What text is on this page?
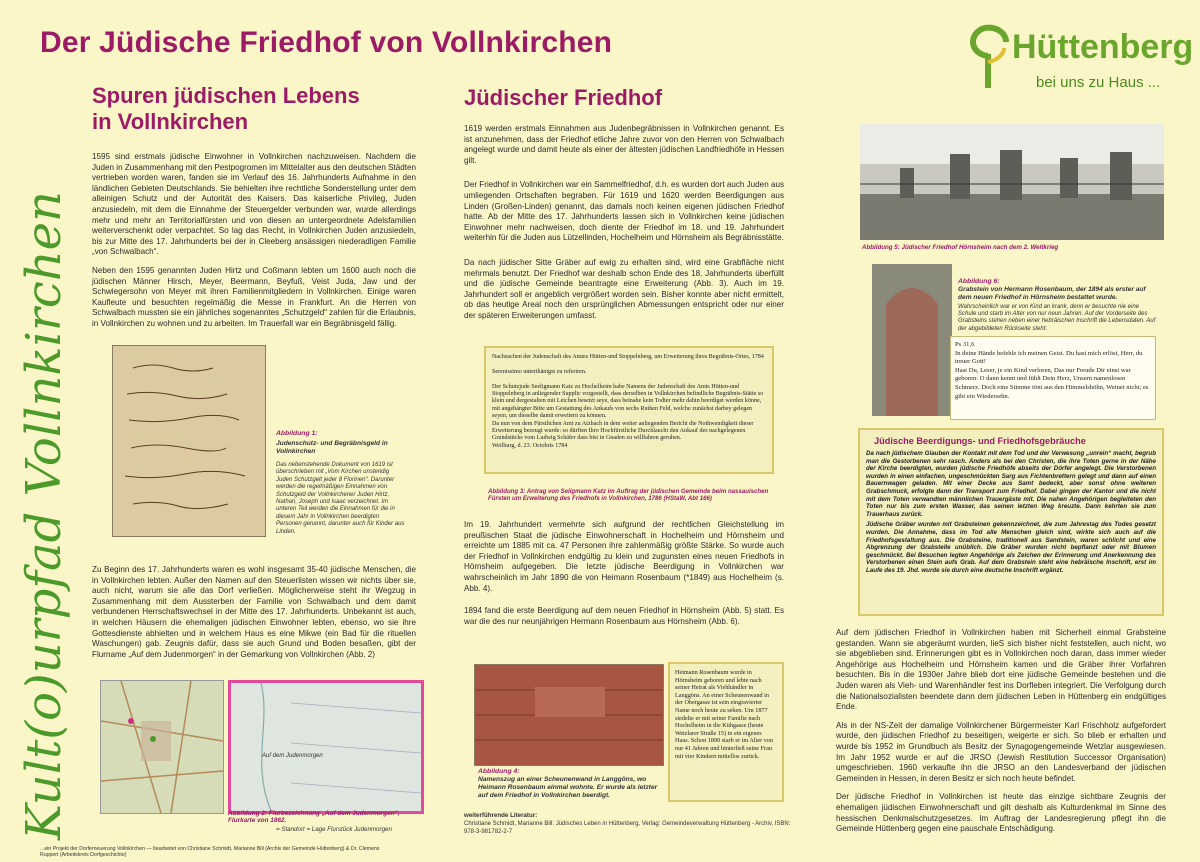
Der Jüdische Friedhof von Vollnkirchen	Hüttenberg
bei uns zu Haus ...
Kult(o)urpfad Vollnkirchen
Spuren jüdischen Lebens
in Vollnkirchen

1595 sind erstmals jüdische Einwohner in Vollnkirchen nachzuweisen. Nachdem die Juden in Zusammenhang mit den Pestpogromen im Mittelalter aus den deutschen Städten vertrieben worden waren, fanden sie im Verlauf des 16. Jahrhunderts Aufnahme in den ländlichen Gebieten Deutschlands. Sie behielten ihre rechtliche Sonderstellung unter dem alleinigen Schutz und der Autorität des Kaisers. Das kaiserliche Privileg, Juden anzusiedeln, mit dem die Einnahme der Steuergelder verbunden war, wurde allerdings mehr und mehr an Territorialfürsten und von diesen an untergeordnete Adelsfamilien weiterverschenkt oder verpachtet. So lag das Recht, in Vollnkirchen Juden anzusiedeln, bis zur Mitte des 17. Jahrhunderts bei der in Cleeberg ansässigen niederadligen Familie „von Schwalbach“.

Neben den 1595 genannten Juden Hirtz und Coßmann lebten um 1600 auch noch die jüdischen Männer Hirsch, Meyer, Beermann, Beyfuß, Veist Juda, Jaw und der Schwiegersohn von Meyer mit ihren Familienmitgliedern in Vollnkirchen. Einige waren Kaufleute und besuchten regelmäßig die Messe in Frankfurt. An die Herren von Schwalbach mussten sie ein jährliches sogenanntes „Schutzgeld“ zahlen für die Erlaubnis, in Vollnkirchen zu wohnen und zu arbeiten. Im Trauerfall war ein Begräbnisgeld fällig.

Abbildung 1:
Judenschutz- und Begräbnisgeld in Vollnkirchen
Das nebenstehende Dokument von 1619 ist überschrieben mit „Vom Kirchen unstendig Juden Schutzgelt jeder 8 Florinen“. Darunter werden die regelmäßigen Einnahmen von Schutzgeld der Vollnkirchener Juden Hirtz, Nathan, Joseph und Isaac verzeichnet. Im unteren Teil werden die Einnahmen für die in diesem Jahr in Vollnkirchen beerdigten Personen genannt, darunter auch für Kinder aus Linden.
Zu Beginn des 17. Jahrhunderts waren es wohl insgesamt 35-40 jüdische Menschen, die in Vollnkirchen lebten. Außer den Namen auf den Steuerlisten wissen wir nichts über sie, auch nicht, warum sie alle das Dorf verließen. Möglicherweise steht ihr Wegzug in Zusammenhang mit dem Aussterben der Familie von Schwalbach und dem damit verbundenen Herrschaftswechsel in der Mitte des 17. Jahrhunderts. Unbekannt ist auch, in welchen Häusern die ehemaligen jüdischen Einwohner lebten, ebenso, wo sie ihre Gottesdienste abhielten und in welchem Haus es eine Mikwe (ein Bad für die rituellen Waschungen) gab. Zeugnis dafür, dass sie auch Grund und Boden besaßen, gibt der Flurname „Auf dem Judenmorgen“ in der Gemarkung von Vollnkirchen (Abb. 2)
Auf dem Judenmorgen
Abbildung 2: Flurbezeichnung „Auf dem Judenmorgen“, Flurkarte von 1862.
= Standort = Lage Flurstück Judenmorgen
Jüdischer Friedhof

1619 werden erstmals Einnahmen aus Judenbegräbnissen in Vollnkirchen genannt. Es ist anzunehmen, dass der Friedhof etliche Jahre zuvor von den Herren von Schwalbach angelegt wurde und damit heute als einer der ältesten jüdischen Landfriedhöfe in Hessen gilt.

Der Friedhof in Vollnkirchen war ein Sammelfriedhof, d.h. es wurden dort auch Juden aus umliegenden Ortschaften begraben. Für 1619 und 1620 werden Beerdigungen aus Linden (Großen-Linden) genannt, das damals noch keinen eigenen jüdischen Friedhof hatte. Ab der Mitte des 17. Jahrhunderts lassen sich in Vollnkirchen keine jüdischen Einwohner mehr nachweisen, doch diente der Friedhof im 18. und 19. Jahrhundert weiterhin für die Juden aus Lützellinden, Hochelheim und Hörnsheim als Begräbnisstätte.

Da nach jüdischer Sitte Gräber auf ewig zu erhalten sind, wird eine Grabfläche nicht mehrmals benutzt. Der Friedhof war deshalb schon Ende des 18. Jahrhunderts überfüllt und die jüdische Gemeinde beantragte eine Erweiterung (Abb. 3). Auch im 19. Jahrhundert soll er angeblich vergrößert worden sein. Bisher konnte aber nicht ermittelt, ob das heutige Areal noch den ursprünglichen Abmessungen entspricht oder nur einer der späteren Erweiterungen umfasst.

Nachsuchen der Judenschaft des Amtes Hütten-und Stoppelnberg, um Erweiterung ihres Begräbnis-Ortes, 1784

Serenissimo unterthänigst zu referiren.

Der Schutzjude Seeligmann Katz zu Hochelheim habe Namens der Judenschaft des Amts Hütten-und Stoppelnberg in anliegender Supplic vorgestellt, dass derselben in Vollnkirchen befindliche Begräbnis-Stätte so klein und dergestalten mit Leichen besetzt seye, dass beinahe kein Todter mehr dahin beerdiget werden könne, mit angehängter Bitte um Gestattung des Ankaufs von sechs Ruthen Feld, welche zunächst darbey gelegen seyen, um dieselbe damit erweitern zu können.
Da nun von dem Fürstlichen Amt zu Atzbach in dem weiter anliegenden Bericht die Nothwendigkeit dieser Erweiterung bezeugt wurde: so dürften Ihro Hochfürstliche Durchlaucht den Ankauf des nachgelegenen Grundstücks vom Ludwig Schäfer dass bist in Gnaden zu willfahren geruhen.
Weilburg, d. 23. Octobris 1784
Abbildung 3: Antrag von Seligmann Katz im Auftrag der jüdischen Gemeinde beim nassauischen Fürsten um Erweiterung des Friedhofs in Vollnkirchen, 1786 (HStaW, Abt 166)

Im 19. Jahrhundert vermehrte sich aufgrund der rechtlichen Gleichstellung im preußischen Staat die jüdische Einwohnerschaft in Hochelheim und Hörnsheim und erreichte um 1885 mit ca. 47 Personen ihre zahlenmäßig größte Stärke. So wurde auch der Friedhof in Vollnkirchen endgültig zu klein und zugunsten eines neuen Friedhofs in Hörnsheim aufgegeben. Die letzte jüdische Beerdigung in Vollnkirchen war wahrscheinlich im Jahr 1890 die von Heimann Rosenbaum (*1849) aus Hochelheim (s. Abb. 4).

1894 fand die erste Beerdigung auf dem neuen Friedhof in Hörnsheim (Abb. 5) statt. Es war die des nur neunjährigen Hermann Rosenbaum aus Hörnsheim (Abb. 6).

Abbildung 4:
Namenszug an einer Scheunenwand in Langgöns, wo Heimann Rosenbaum einmal wohnte. Er wurde als letzter auf dem Friedhof in Vollnkirchen beerdigt.
Heimann Rosenbaum wurde in Hörnsheim geboren und lebte nach seiner Heirat als Viehhändler in Langgöns. An einer Scheunenwand in der Obergasse ist sein eingravierter Name noch heute zu sehen. Um 1877 siedelte er mit seiner Familie nach Hochelheim in die Kühgasse (heute Wetzlarer Straße 15) in ein eigenes Haus. Schon 1890 starb er im Alter von nur 41 Jahren und hinterließ seine Frau mit vier Kindern mittellos zurück.
weiterführende Literatur:
Christiane Schmidt, Marianne Bill: Jüdisches Leben in Hüttenberg, Verlag: Gemeindeverwaltung Hüttenberg - Archiv, ISBN: 978-3-981782-2-7
Abbildung 5: Jüdischer Friedhof Hörnsheim nach dem 2. Weltkrieg
Abbildung 6:
Grabstein von Hermann Rosenbaum, der 1894 als erster auf dem neuen Friedhof in Hörnsheim bestattet wurde.
Wahrscheinlich war er von Kind an krank, denn er besuchte nie eine Schule und starb im Alter von nur neun Jahren. Auf der Vorderseite des Grabsteins stehen neben einer hebräischen Inschrift die Lebensdaten. Auf der abgebildeten Rückseite steht:
Ps 31,6
In deine Hände befehle ich meinen Geist. Du hast mich erlöst, Herr, du treuer Gott!
Hast Du, Leser, je ein Kind verloren, Das nur Freude Dir einst war geboren: O dann kennt und fühlt Dein Herz, Unsern namenlosen Schmerz. Doch eine Stimme tönt aus den Himmelshöhn, Weinet nicht; es gibt ein Wiedersehn.
Jüdische Beerdigungs- und Friedhofsgebräuche
Da nach jüdischem Glauben der Kontakt mit dem Tod und der Verwesung „unrein“ macht, begrub man die Gestorbenen sehr rasch. Anders als bei den Christen, die ihre Toten gerne in der Nähe der Kirche beerdigten, wurden jüdische Friedhöfe abseits der Dörfer angelegt. Die Verstorbenen wurden in einen einfachen, ungeschmückten Sarg aus Fichtenbrettern gelegt und dann auf einen Bauernwagen geladen. Mit einer Decke aus Samt bedeckt, aber sonst ohne weiteren Grabschmuck, erfolgte dann der Transport zum Friedhof. Dabei gingen der Kantor und die nicht mit dem Toten verwandten männlichen Trauergäste mit. Die nahen Angehörigen begleiteten den Toten nur bis zum ersten Wasser, das seinen letzten Weg kreuzte. Dann kehrten sie zum Trauerhaus zurück.
Jüdische Gräber wurden mit Grabsteinen gekennzeichnet, die zum Jahrestag des Todes gesetzt wurden. Die Annahme, dass im Tod alle Menschen gleich sind, wirkte sich auch auf die Friedhofsgestaltung aus. Die Grabsteine, traditionell aus Sandstein, waren schlicht und eine Abgrenzung der Grabstelle unüblich. Die Gräber wurden nicht bepflanzt oder mit Blumen geschmückt. Bei Besuchen legten Angehörige als Zeichen der Erinnerung und Anerkennung des Verstorbenen einen Stein aufs Grab. Auf dem Grabstein steht eine hebräische Inschrift, erst im Laufe des 19. Jhd. wurde sie durch eine deutsche Inschrift ergänzt.

Auf dem jüdischen Friedhof in Vollnkirchen haben mit Sicherheit einmal Grabsteine gestanden. Wann sie abgeräumt wurden, lieS sich bisher nicht feststellen, auch nicht, wo sie abgeblieben sind. Erinnerungen gibt es in Vollnkirchen noch daran, dass immer wieder Angehörige aus Hochelheim und Hörnsheim kamen und die Gräber ihrer Vorfahren besuchten. Bis in die 1930er Jahre blieb dort eine jüdische Gemeinde bestehen und die Juden waren als Vieh- und Warenhändler fest ins Dorfleben integriert. Die Verfolgung durch die Nationalsozialisten beendete dann dem jüdischen Leben in Hüttenberg ein endgültiges Ende.

Als in der NS-Zeit der damalige Vollnkirchener Bürgermeister Karl Frischholz aufgefordert wurde, den jüdischen Friedhof zu beseitigen, weigerte er sich. So blieb er erhalten und wurde bis 1952 im Grundbuch als Besitz der Synagogengemeinde Wetzlar ausgewiesen. Im Jahr 1952 wurde er auf die JRSO (Jewish Restitution Successor Organisation) umgeschrieben. 1960 verkaufte ihn die JRSO an den Landesverband der jüdischen Gemeinden in Hessen, in deren Besitz er sich noch heute befindet.

Der jüdische Friedhof in Vollnkirchen ist heute das einzige sichtbare Zeugnis der ehemaligen jüdischen Einwohnerschaft und gilt deshalb als Kulturdenkmal im Sinne des hessischen Denkmalschutzgesetzes. Im Auftrag der Landesregierung pflegt ihn die Gemeinde Hüttenberg gegen eine pauschale Entschädigung.

...ein Projekt der Dorferneuerung Vollnkirchen — bearbeitet von Christiane Schmidt, Marianne Bill (Archiv der Gemeinde Hüttenberg) & Dr. Clemens Ruppert (Arbeitskreis Dorfgeschichte)
